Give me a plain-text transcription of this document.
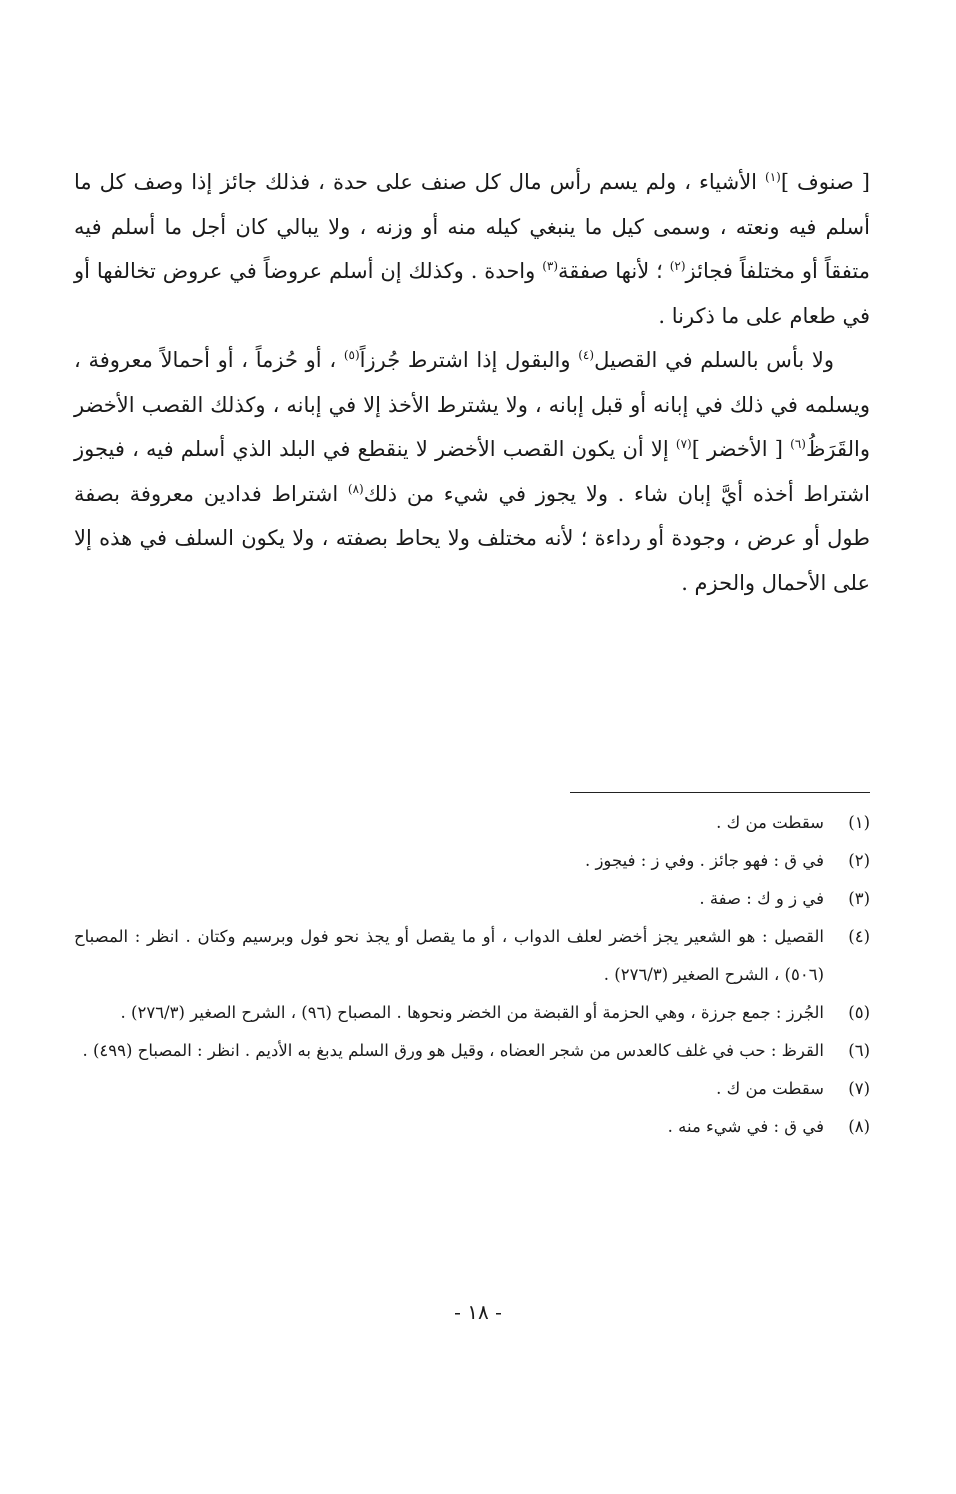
[ صنوف ]$^{(١)}$ الأشياء ، ولم يسم رأس مال كل صنف على حدة ، فذلك جائز إذا وصف كل ما أسلم فيه ونعته ، وسمى كيل ما ينبغي كيله منه أو وزنه ، ولا يبالي كان أجل ما أسلم فيه متفقاً أو مختلفاً فجائز$^{(٢)}$ ؛ لأنها صفقة$^{(٣)}$ واحدة . وكذلك إن أسلم عروضاً في عروض تخالفها أو في طعام على ما ذكرنا .

ولا بأس بالسلم في القصيل$^{(٤)}$ والبقول إذا اشترط جُرزاً$^{(٥)}$ ، أو حُزماً ، أو أحمالاً معروفة ، ويسلمه في ذلك في إبانه أو قبل إبانه ، ولا يشترط الأخذ إلا في إبانه ، وكذلك القصب الأخضر والقَرَظُ$^{(٦)}$ [ الأخضر ]$^{(٧)}$ إلا أن يكون القصب الأخضر لا ينقطع في البلد الذي أسلم فيه ، فيجوز اشتراط أخذه أيَّ إبان شاء . ولا يجوز في شيء من ذلك$^{(٨)}$ اشتراط فدادين معروفة بصفة طول أو عرض ، وجودة أو رداءة ؛ لأنه مختلف ولا يحاط بصفته ، ولا يكون السلف في هذه إلا على الأحمال والحزم .

(١)
سقطت من ك .
(٢)
في ق : فهو جائز . وفي ز : فيجوز .
(٣)
في ز و ك : صفة .
(٤)
القصيل : هو الشعير يجز أخضر لعلف الدواب ، أو ما يقصل أو يجذ نحو فول وبرسيم وكتان . انظر : المصباح (٥٠٦) ، الشرح الصغير (٢٧٦/٣) .
(٥)
الجُرز : جمع جرزة ، وهي الحزمة أو القبضة من الخضر ونحوها . المصباح (٩٦) ، الشرح الصغير (٢٧٦/٣) .
(٦)
القرظ : حب في غلف كالعدس من شجر العضاه ، وقيل هو ورق السلم يدبغ به الأديم . انظر : المصباح (٤٩٩) .
(٧)
سقطت من ك .
(٨)
في ق : في شيء منه .
- ١٨ -
